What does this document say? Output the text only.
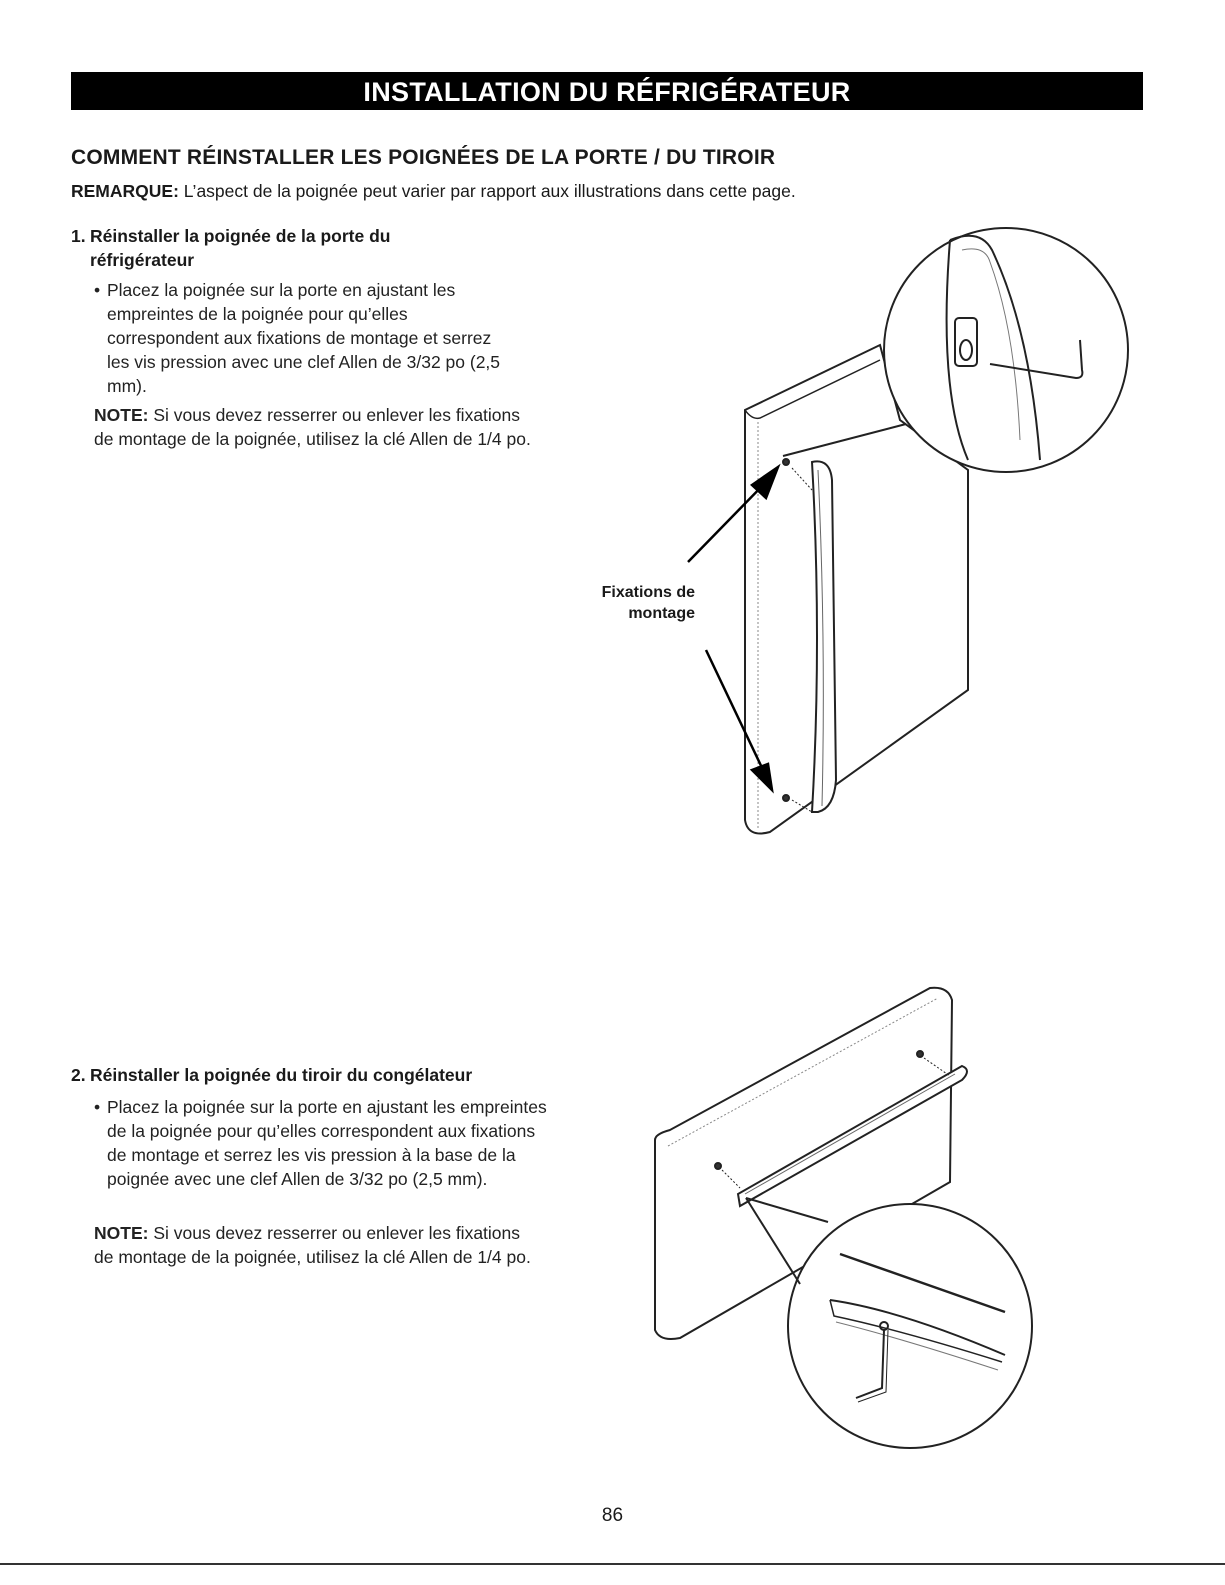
INSTALLATION DU RÉFRIGÉRATEUR
COMMENT RÉINSTALLER LES POIGNÉES DE LA PORTE / DU TIROIR
REMARQUE: L’aspect de la poignée peut varier par rapport aux illustrations dans cette page.
1. Réinstaller la poignée de la porte du
réfrigérateur
• Placez la poignée sur la porte en ajustant les empreintes de la poignée pour qu’elles correspondent aux fixations de montage et serrez les vis pression avec une clef Allen de 3/32 po (2,5 mm).
NOTE: Si vous devez resserrer ou enlever les fixations de montage de la poignée, utilisez la clé Allen de 1/4 po.
Fixations de
montage
2. Réinstaller la poignée du tiroir du congélateur
• Placez la poignée sur la porte en ajustant les empreintes de la poignée pour qu’elles correspondent aux fixations de montage et serrez les vis pression à la base de la poignée avec une clef Allen de 3/32 po (2,5 mm).
NOTE: Si vous devez resserrer ou enlever les fixations de montage de la poignée, utilisez la clé Allen de 1/4 po.
86
